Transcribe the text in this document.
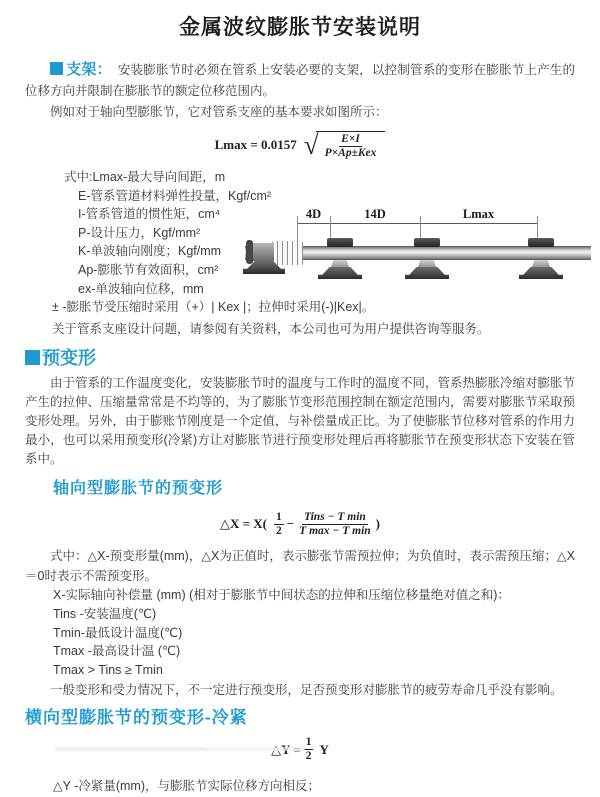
金属波纹膨胀节安装说明

支架： 安装膨胀节时必须在管系上安装必要的支架，以控制管系的变形在膨胀节上产生的位移方向并限制在膨胀节的额定位移范围内。

例如对于轴向型膨胀节，它对管系支座的基本要求如图所示：

Lmax = 0.0157 √ $\frac{E\times I}{\text{P×Ap±Kex}}$
式中:Lmax-最大导向间距，m
E-管系管道材料弹性投量，Kgf/cm²
I-管系管道的惯性矩，cm⁴
P-设计压力，Kgf/mm²
K-单波轴向刚度；Kgf/mm
Ap-膨胀节有效面积，cm²
ex-单波轴向位移，mm

± -膨胀节受压缩时采用（+）| Kex |；拉伸时采用(-)|Kex|。

关于管系支座设计问题，请参阅有关资料，本公司也可为用户提供咨询等服务。

预变形

由于管系的工作温度变化，安装膨胀节时的温度与工作时的温度不同，管系热膨胀冷缩对膨胀节产生的拉伸、压缩量常常是不均等的，为了膨胀节变形范围控制在额定范围内，需要对膨胀节采取预变形处理。另外，由于膨账节刚度是一个定值，与补偿量成正比。为了使膨胀节位移对管系的作用力最小，也可以采用预变形(冷紧)方让对膨胀节进行预变形处理后再将膨胀节在预变形状态下安装在管系中。

轴向型膨胀节的预变形
△X = $X( \frac{1}{2} - \frac{\text{Tins − T min}}{\text{T max − T min}}$ )

式中：△X-预变形量(mm)，△X为正值时，表示膨张节需预拉伸；为负值时，表示需预压缩；△X＝0时表示不需预变形。

X-实际轴向补偿量 (mm) (相对于膨胀节中间状态的拉伸和压缩位移量绝对值之和)：

Tins -安装温度(℃)

Tmin-最低设计温度(℃)

Tmax -最高设计温 (℃)

Tmax > Tins ≥ Tmin

一般变形和受力情况下，不一定进行预变形，足否预变形对膨胀节的疲劳寿命几乎没有影响。

横向型膨胀节的预变形-冷紧
$\frac{1}{2}$ Y

△Y -冷紧量(mm)，与膨胀节实际位移方向相反；

4D	14D	Lmax
